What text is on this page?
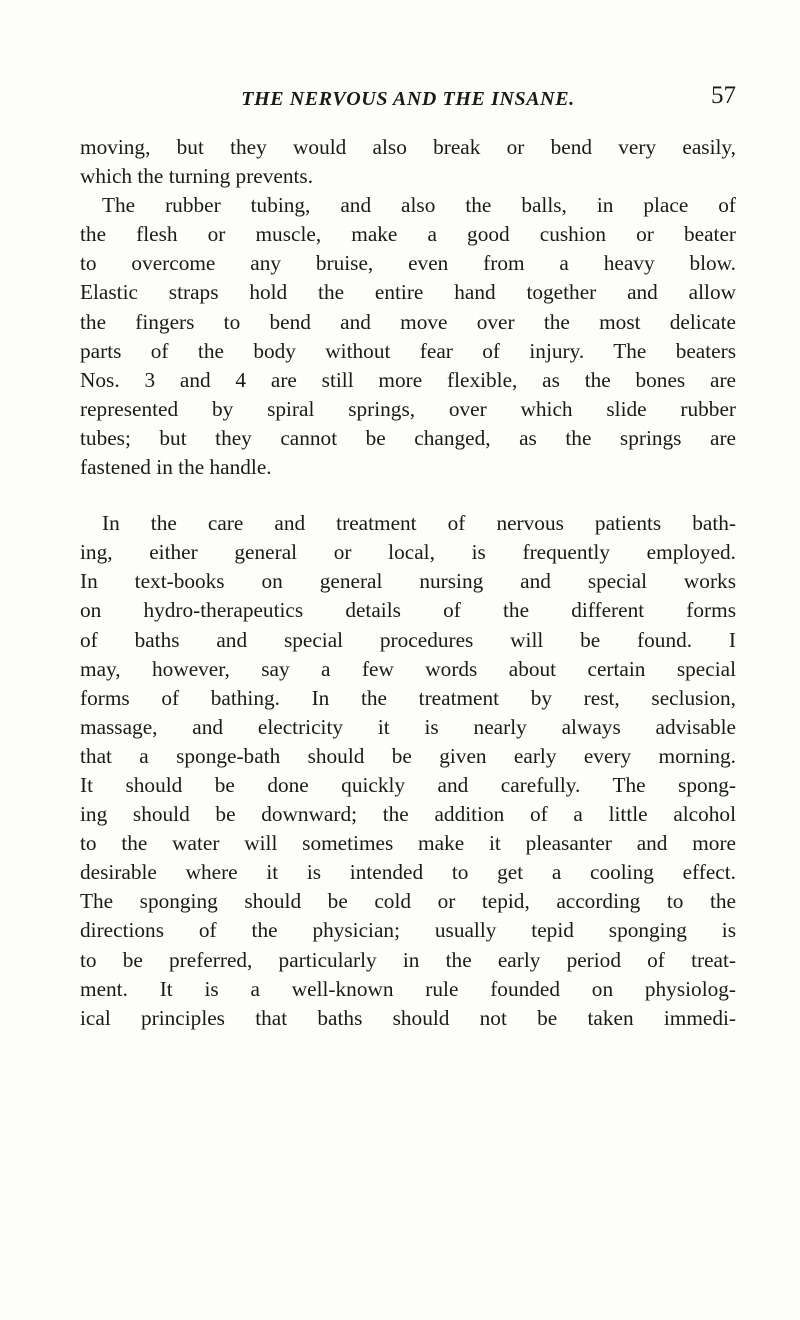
THE NERVOUS AND THE INSANE.	57
moving, but they would also break or bend very easily,
which the turning prevents.
The rubber tubing, and also the balls, in place of
the flesh or muscle, make a good cushion or beater
to overcome any bruise, even from a heavy blow.
Elastic straps hold the entire hand together and allow
the fingers to bend and move over the most delicate
parts of the body without fear of injury. The beaters
Nos. 3 and 4 are still more flexible, as the bones are
represented by spiral springs, over which slide rubber
tubes; but they cannot be changed, as the springs are
fastened in the handle.
In the care and treatment of nervous patients bath-
ing, either general or local, is frequently employed.
In text-books on general nursing and special works
on hydro-therapeutics details of the different forms
of baths and special procedures will be found. I
may, however, say a few words about certain special
forms of bathing. In the treatment by rest, seclusion,
massage, and electricity it is nearly always advisable
that a sponge-bath should be given early every morning.
It should be done quickly and carefully. The spong-
ing should be downward; the addition of a little alcohol
to the water will sometimes make it pleasanter and more
desirable where it is intended to get a cooling effect.
The sponging should be cold or tepid, according to the
directions of the physician; usually tepid sponging is
to be preferred, particularly in the early period of treat-
ment. It is a well-known rule founded on physiolog-
ical principles that baths should not be taken immedi-
